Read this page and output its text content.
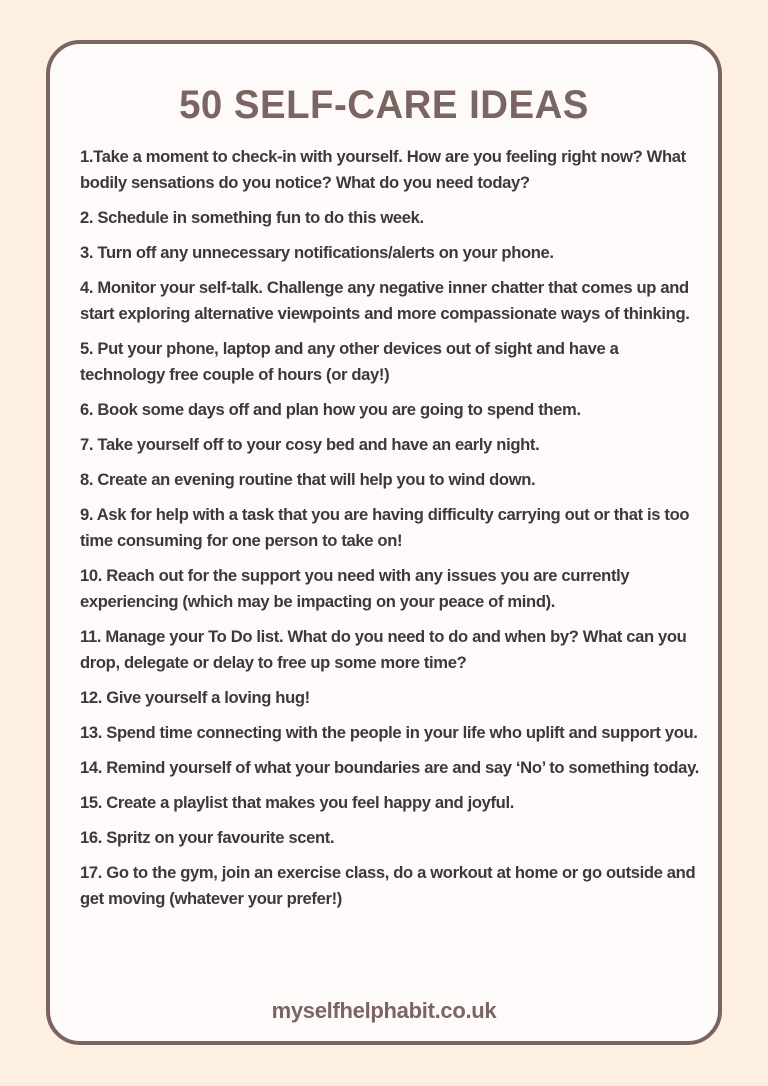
50 SELF-CARE IDEAS
1.Take a moment to check-in with yourself. How are you feeling right now? What bodily sensations do you notice? What do you need today?
2. Schedule in something fun to do this week.
3. Turn off any unnecessary notifications/alerts on your phone.
4. Monitor your self-talk. Challenge any negative inner chatter that comes up and start exploring alternative viewpoints and more compassionate ways of thinking.
5. Put your phone, laptop and any other devices out of sight and have a technology free couple of hours (or day!)
6. Book some days off and plan how you are going to spend them.
7. Take yourself off to your cosy bed and have an early night.
8. Create an evening routine that will help you to wind down.
9. Ask for help with a task that you are having difficulty carrying out or that is too time consuming for one person to take on!
10. Reach out for the support you need with any issues you are currently experiencing (which may be impacting on your peace of mind).
11. Manage your To Do list. What do you need to do and when by? What can you drop, delegate or delay to free up some more time?
12. Give yourself a loving hug!
13. Spend time connecting with the people in your life who uplift and support you.
14. Remind yourself of what your boundaries are and say ‘No’ to something today.
15. Create a playlist that makes you feel happy and joyful.
16. Spritz on your favourite scent.
17. Go to the gym, join an exercise class, do a workout at home or go outside and get moving (whatever your prefer!)
myselfhelphabit.co.uk
